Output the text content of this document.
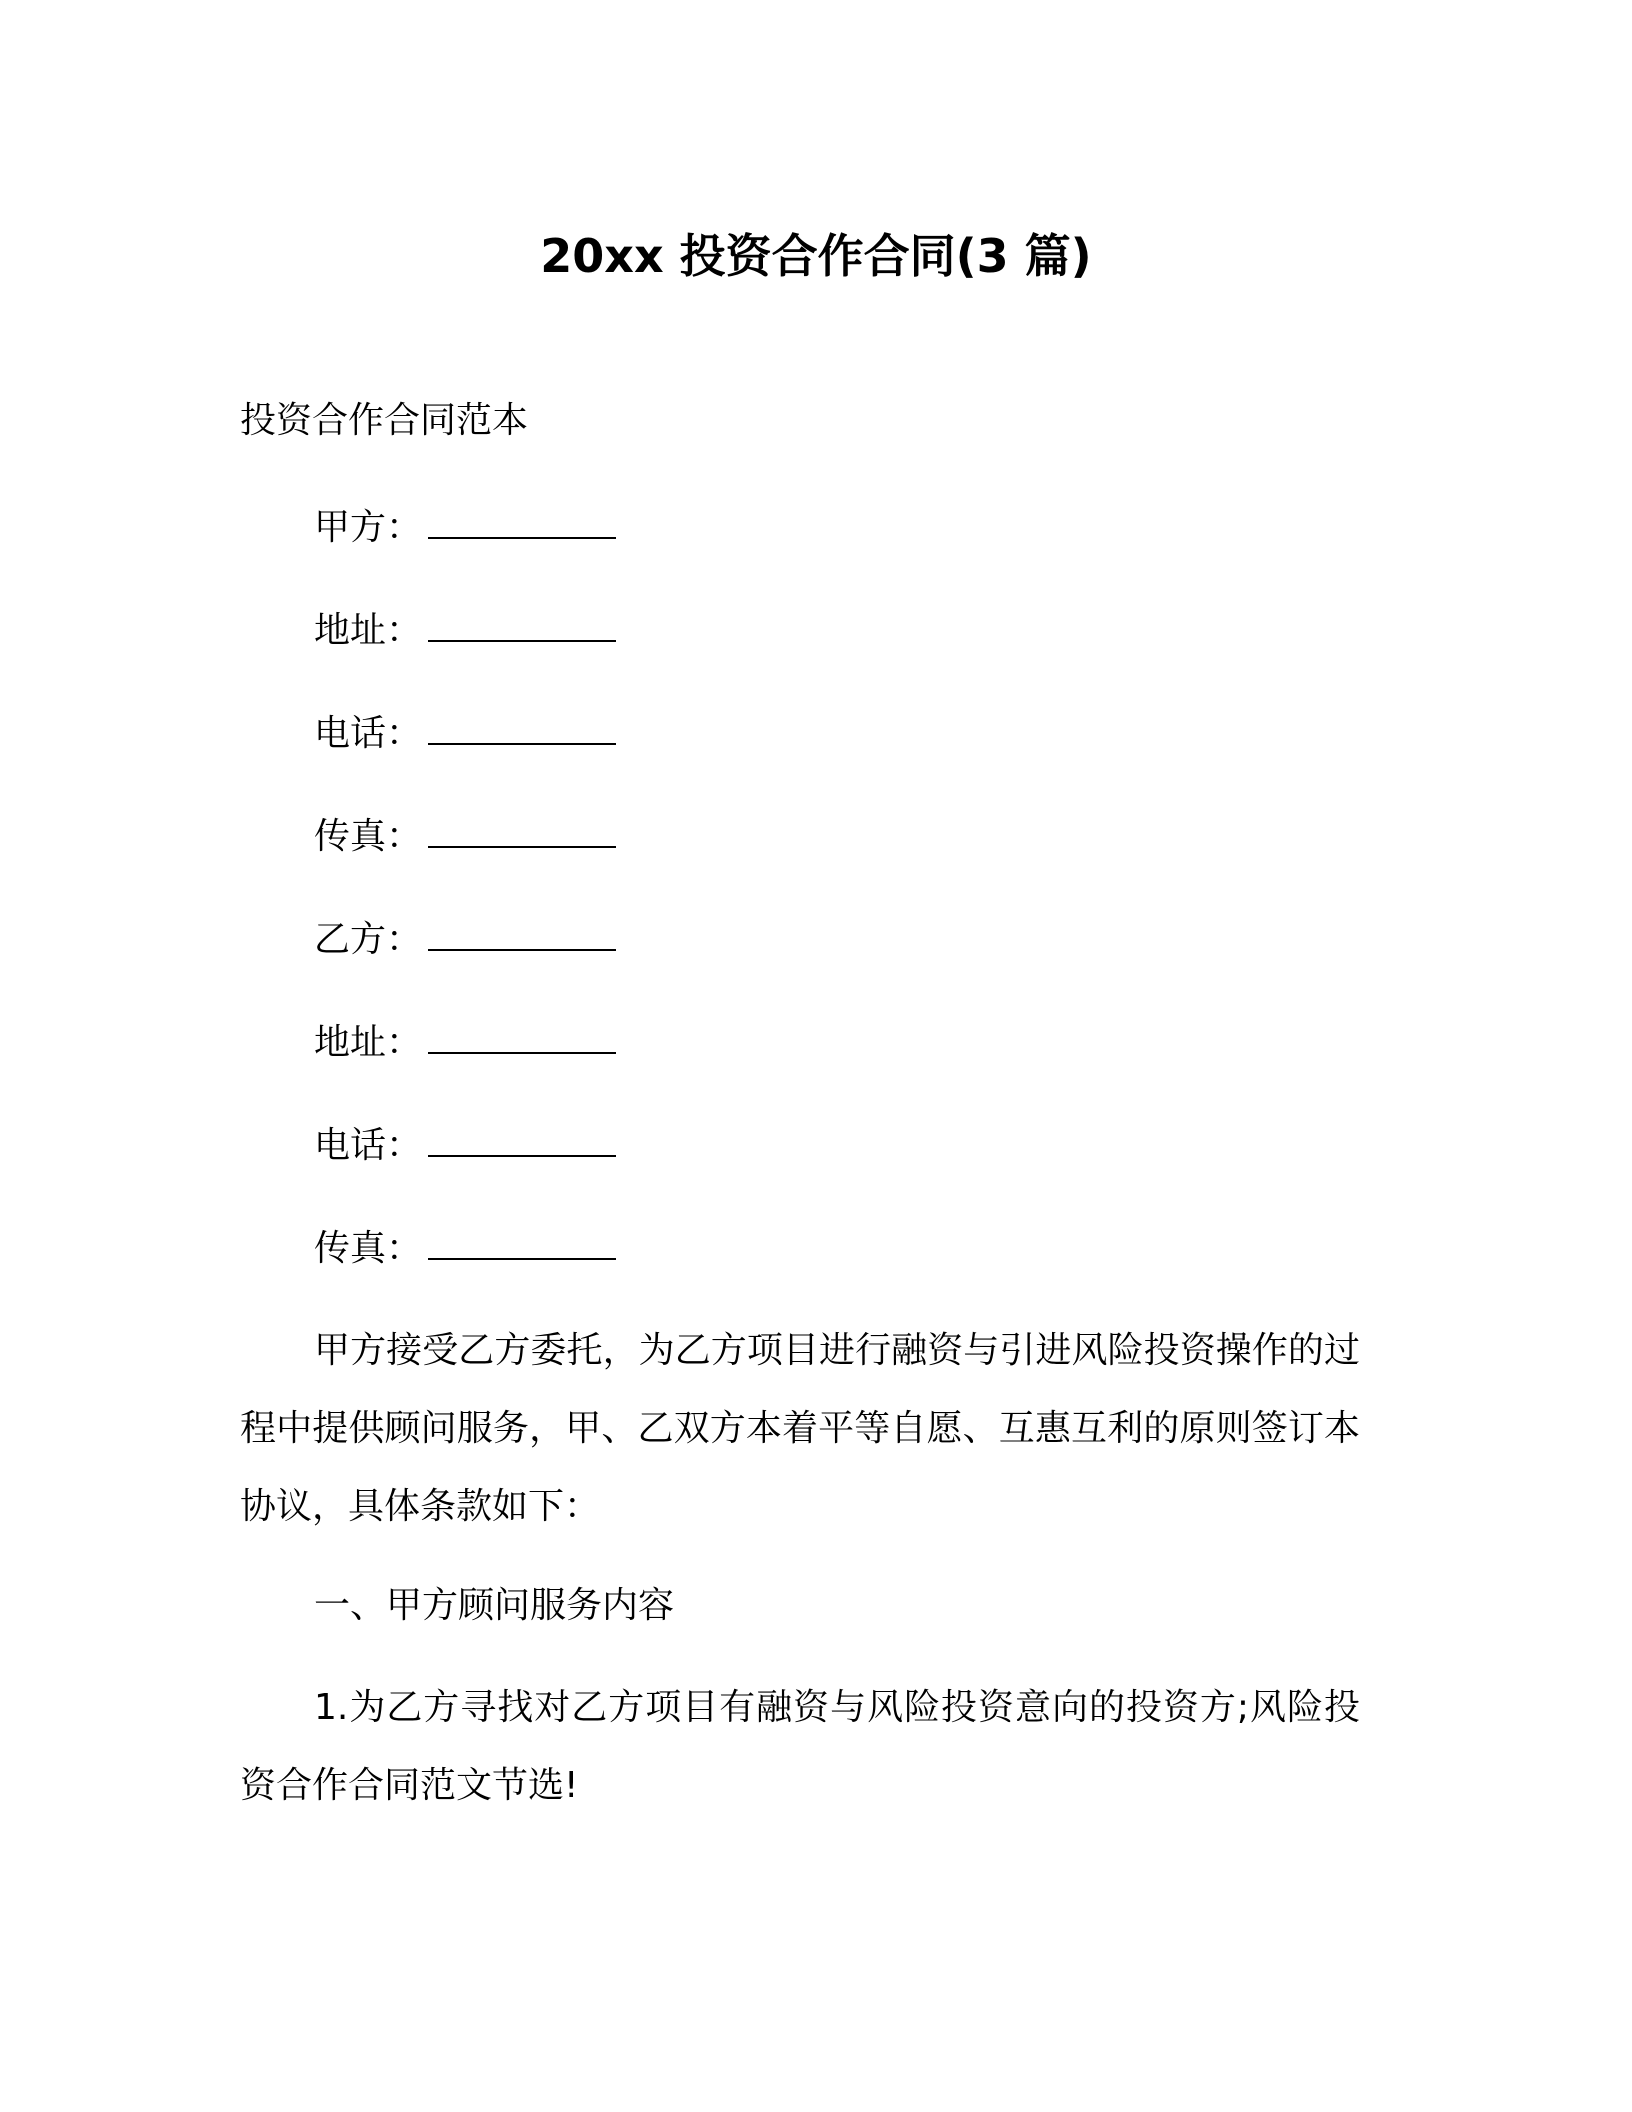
20xx 投资合作合同(3 篇)
投资合作合同范本
甲方：
地址：
电话：
传真：
乙方：
地址：
电话：
传真：
甲方接受乙方委托，为乙方项目进行融资与引进风险投资操作的过程中提供顾问服务，甲、乙双方本着平等自愿、互惠互利的原则签订本协议，具体条款如下：
一、甲方顾问服务内容
1.为乙方寻找对乙方项目有融资与风险投资意向的投资方;风险投资合作合同范文节选!
